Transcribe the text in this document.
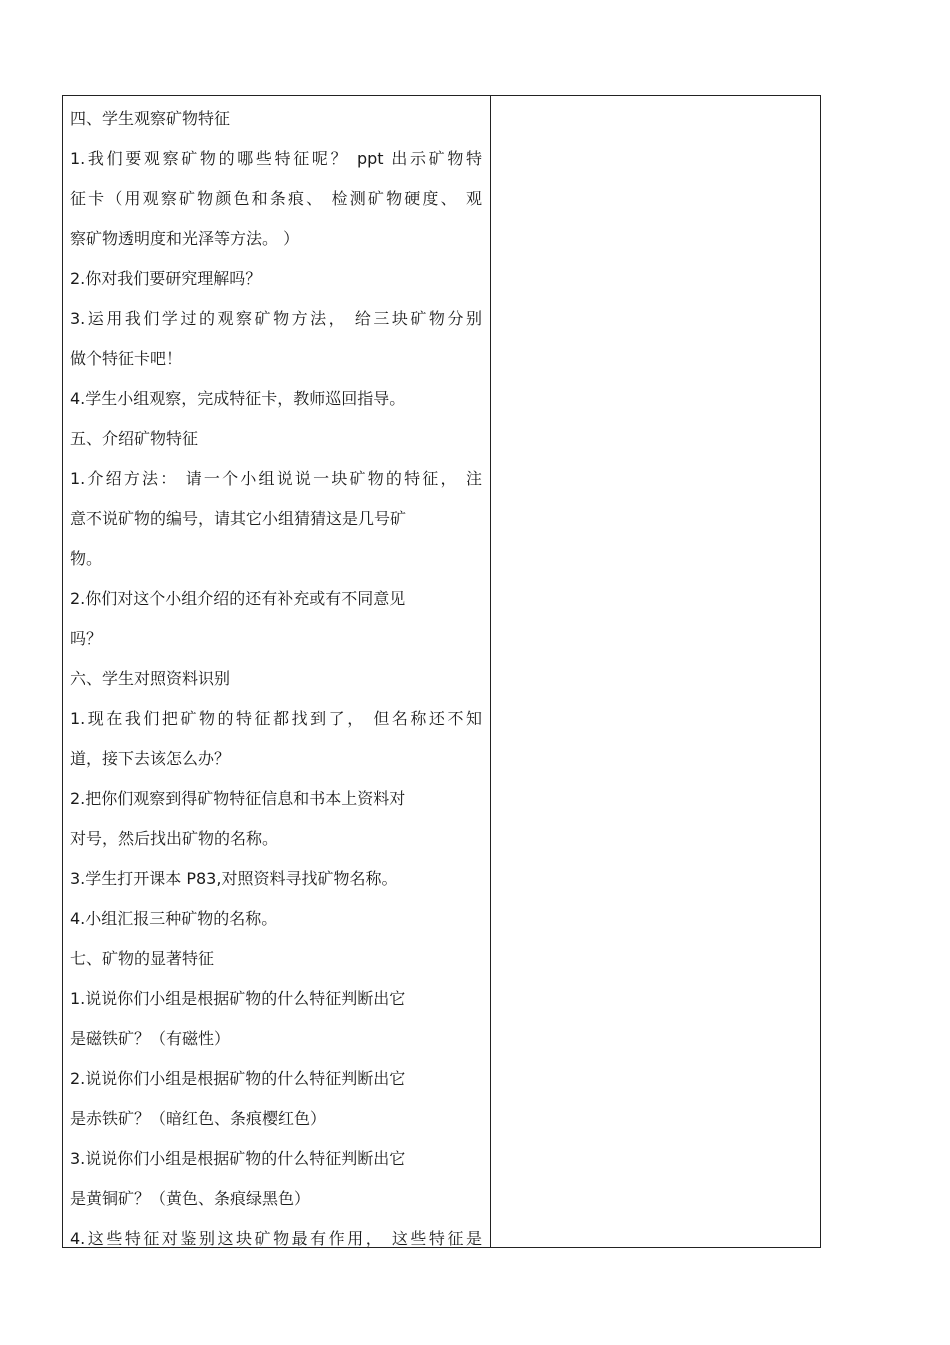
四、学生观察矿物特征
1.我们要观察矿物的哪些特征呢？ ppt 出示矿物特
征卡（用观察矿物颜色和条痕、 检测矿物硬度、 观
察矿物透明度和光泽等方法。 ）
2.你对我们要研究理解吗？
3.运用我们学过的观察矿物方法， 给三块矿物分别
做个特征卡吧！
4.学生小组观察，完成特征卡，教师巡回指导。
五、介绍矿物特征
1.介绍方法： 请一个小组说说一块矿物的特征， 注
意不说矿物的编号，请其它小组猜猜这是几号矿
物。
2.你们对这个小组介绍的还有补充或有不同意见
吗？
六、学生对照资料识别
1.现在我们把矿物的特征都找到了， 但名称还不知
道，接下去该怎么办？
2.把你们观察到得矿物特征信息和书本上资料对
对号，然后找出矿物的名称。
3.学生打开课本 P83,对照资料寻找矿物名称。
4.小组汇报三种矿物的名称。
七、矿物的显著特征
1.说说你们小组是根据矿物的什么特征判断出它
是磁铁矿？（有磁性）
2.说说你们小组是根据矿物的什么特征判断出它
是赤铁矿？（暗红色、条痕樱红色）
3.说说你们小组是根据矿物的什么特征判断出它
是黄铜矿？（黄色、条痕绿黑色）
4.这些特征对鉴别这块矿物最有作用， 这些特征是
